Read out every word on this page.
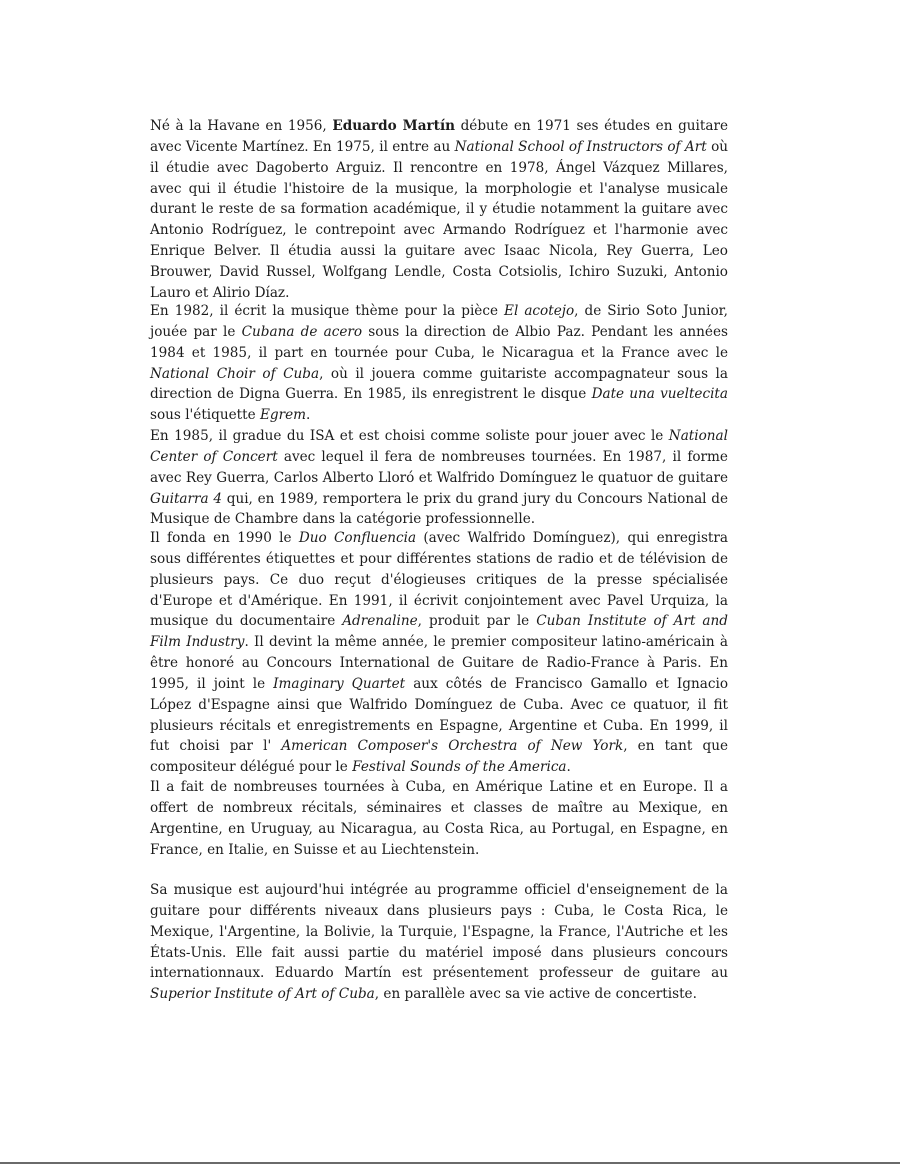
Né à la Havane en 1956, Eduardo Martín débute en 1971 ses études en guitare avec Vicente Martínez. En 1975, il entre au National School of Instructors of Art où il étudie avec Dagoberto Arguiz. Il rencontre en 1978, Ángel Vázquez Millares, avec qui il étudie l'histoire de la musique, la morphologie et l'analyse musicale durant le reste de sa formation académique, il y étudie notamment la guitare avec Antonio Rodríguez, le contrepoint avec Armando Rodríguez et l'harmonie avec Enrique Belver. Il étudia aussi la guitare avec Isaac Nicola, Rey Guerra, Leo Brouwer, David Russel, Wolfgang Lendle, Costa Cotsiolis, Ichiro Suzuki, Antonio Lauro et Alirio Díaz.

En 1982, il écrit la musique thème pour la pièce El acotejo, de Sirio Soto Junior, jouée par le Cubana de acero sous la direction de Albio Paz. Pendant les années 1984 et 1985, il part en tournée pour Cuba, le Nicaragua et la France avec le National Choir of Cuba, où il jouera comme guitariste accompagnateur sous la direction de Digna Guerra. En 1985, ils enregistrent le disque Date una vueltecita sous l'étiquette Egrem.

En 1985, il gradue du ISA et est choisi comme soliste pour jouer avec le National Center of Concert avec lequel il fera de nombreuses tournées. En 1987, il forme avec Rey Guerra, Carlos Alberto Lloró et Walfrido Domínguez le quatuor de guitare Guitarra 4 qui, en 1989, remportera le prix du grand jury du Concours National de Musique de Chambre dans la catégorie professionnelle.

Il fonda en 1990 le Duo Confluencia (avec Walfrido Domínguez), qui enregistra sous différentes étiquettes et pour différentes stations de radio et de télévision de plusieurs pays. Ce duo reçut d'élogieuses critiques de la presse spécialisée d'Europe et d'Amérique. En 1991, il écrivit conjointement avec Pavel Urquiza, la musique du documentaire Adrenaline, produit par le Cuban Institute of Art and Film Industry. Il devint la même année, le premier compositeur latino-américain à être honoré au Concours International de Guitare de Radio-France à Paris. En 1995, il joint le Imaginary Quartet aux côtés de Francisco Gamallo et Ignacio López d'Espagne ainsi que Walfrido Domínguez de Cuba. Avec ce quatuor, il fit plusieurs récitals et enregistrements en Espagne, Argentine et Cuba. En 1999, il fut choisi par l' American Composer's Orchestra of New York, en tant que compositeur délégué pour le Festival Sounds of the America.

Il a fait de nombreuses tournées à Cuba, en Amérique Latine et en Europe. Il a offert de nombreux récitals, séminaires et classes de maître au Mexique, en Argentine, en Uruguay, au Nicaragua, au Costa Rica, au Portugal, en Espagne, en France, en Italie, en Suisse et au Liechtenstein.

Sa musique est aujourd'hui intégrée au programme officiel d'enseignement de la guitare pour différents niveaux dans plusieurs pays : Cuba, le Costa Rica, le Mexique, l'Argentine, la Bolivie, la Turquie, l'Espagne, la France, l'Autriche et les États-Unis. Elle fait aussi partie du matériel imposé dans plusieurs concours internationnaux. Eduardo Martín est présentement professeur de guitare au Superior Institute of Art of Cuba, en parallèle avec sa vie active de concertiste.
